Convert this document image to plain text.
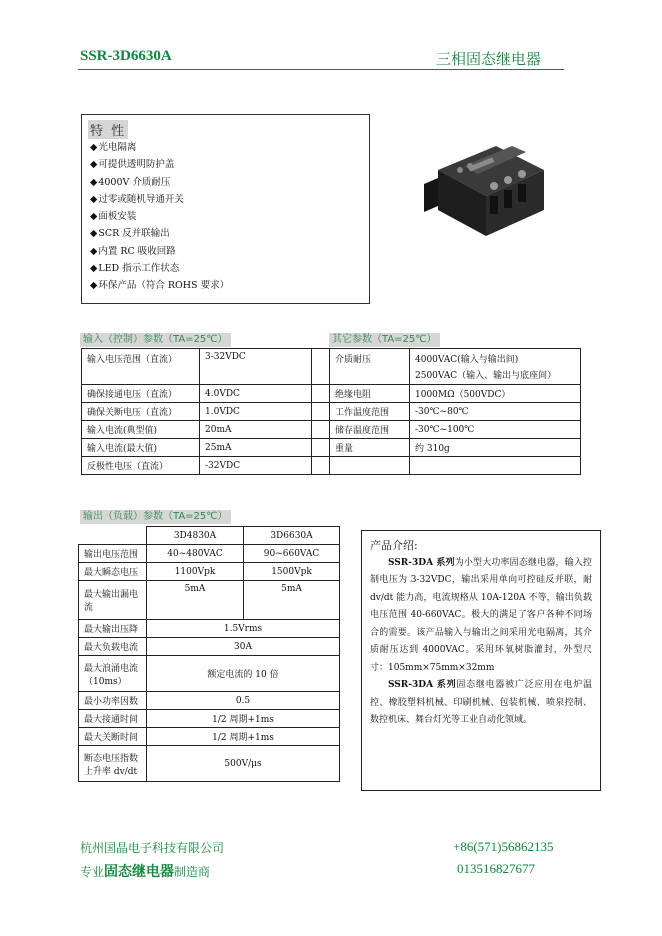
SSR-3D6630A	三相固态继电器
特 性
◆ 光电隔离
◆ 可提供透明防护盖
◆ 4000V 介质耐压
◆ 过零或随机导通开关
◆ 面板安装
◆ SCR 反并联输出
◆ 内置 RC 吸收回路
◆ LED 指示工作状态
◆ 环保产品（符合 ROHS 要求）
输入（控制）参数（TA=25℃）	其它参数（TA=25℃）
输入电压范围（直流）	3-32VDC		介质耐压	4000VAC(输入与输出间)
2500VAC（输入、输出与底座间）

确保接通电压（直流）	4.0VDC		绝缘电阻	1000MΩ（500VDC）
确保关断电压（直流）	1.0VDC		工作温度范围	-30℃~80℃
输入电流(典型值)	20mA		储存温度范围	-30℃~100℃
输入电流(最大值)	25mA		重量	约 310g
反极性电压（直流）	-32VDC			
输出（负载）参数（TA=25℃）
	3D4830A	3D6630A
输出电压范围	40~480VAC	90~660VAC
最大瞬态电压	1100Vpk	1500Vpk
最大输出漏电流	5mA	5mA
最大输出压降	1.5Vrms	
最大负载电流	30A	
最大浪涌电流（10ms）	额定电流的 10 倍	
最小功率因数	0.5	
最大接通时间	1/2 周期+1ms	
最大关断时间	1/2 周期+1ms	
断态电压指数上升率 dv/dt	500V/μs	
产品介绍:

SSR-3DA 系列为小型大功率固态继电器，输入控制电压为 3-32VDC，输出采用单向可控硅反并联，耐 dv/dt 能力高，电流规格从 10A-120A 不等，输出负载电压范围 40-660VAC。极大的满足了客户各种不同场合的需要。该产品输入与输出之间采用光电隔离，其介质耐压达到 4000VAC。采用环氧树脂灌封，外型尺寸：105mm×75mm×32mm

SSR-3DA 系列固态继电器被广泛应用在电炉温控、橡胶塑料机械、印刷机械、包装机械、喷泉控制、数控机床、舞台灯光等工业自动化领域。

杭州国晶电子科技有限公司
专业固态继电器制造商
+86(571)56862135
013516827677
